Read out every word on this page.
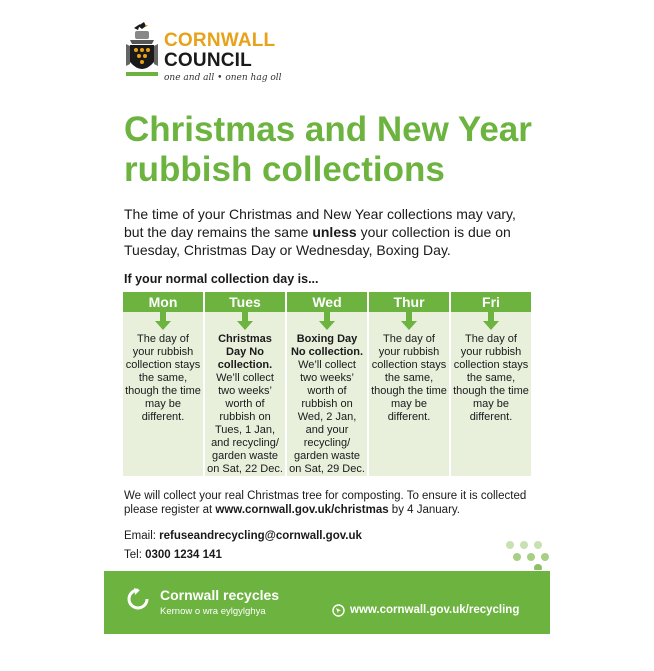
CORNWALL
COUNCIL
one and all • onen hag oll
Christmas and New Year
rubbish collections
The time of your Christmas and New Year collections may vary,
but the day remains the same unless your collection is due on
Tuesday, Christmas Day or Wednesday, Boxing Day.
If your normal collection day is...
Mon
The day of your rubbish collection stays the same, though the time may be different.
Tues
Christmas Day No collection.
We’ll collect two weeks’ worth of rubbish on Tues, 1 Jan, and recycling/ garden waste on Sat, 22 Dec.
Wed
Boxing Day No collection.
We’ll collect two weeks’ worth of rubbish on Wed, 2 Jan, and your recycling/ garden waste on Sat, 29 Dec.
Thur
The day of your rubbish collection stays the same, though the time may be different.
Fri
The day of your rubbish collection stays the same, though the time may be different.
We will collect your real Christmas tree for composting. To ensure it is collected
please register at www.cornwall.gov.uk/christmas by 4 January.
Email: refuseandrecycling@cornwall.gov.uk
Tel: 0300 1234 141
Cornwall recycles
Kernow o wra eylgylghya	www.cornwall.gov.uk/recycling
